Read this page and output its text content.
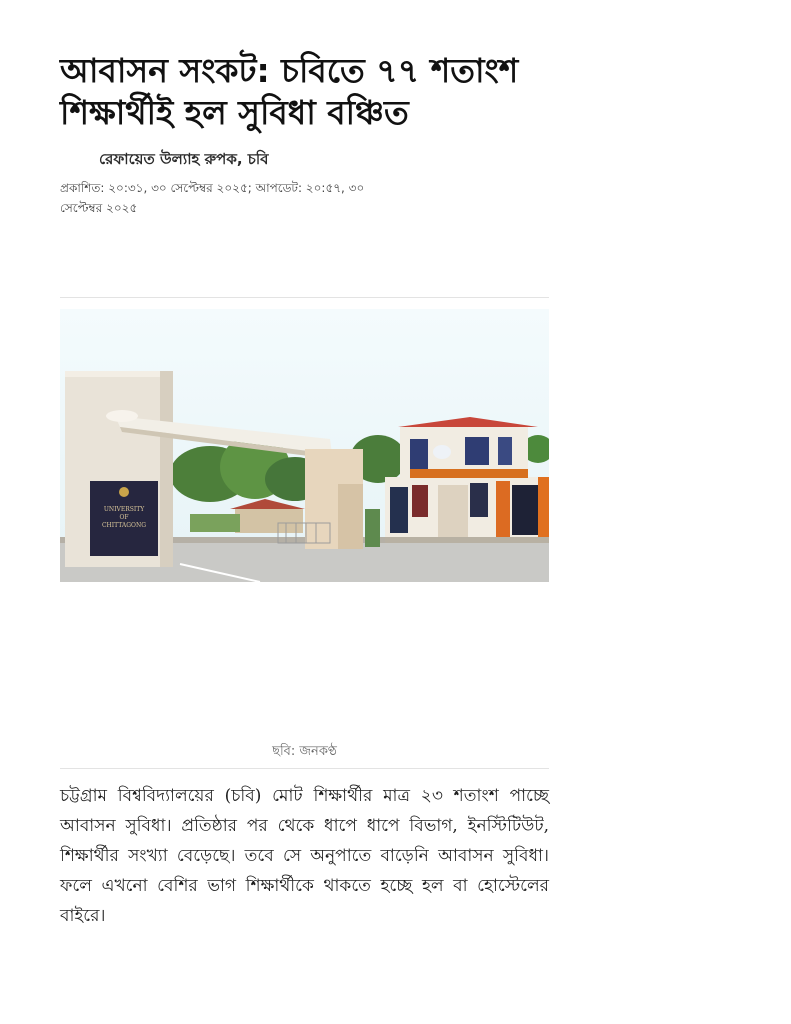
আবাসন সংকট: চবিতে ৭৭ শতাংশ শিক্ষার্থীই হল সুবিধা বঞ্চিত
রেফায়েত উল্যাহ রুপক, চবি
প্রকাশিত: ২০:৩১, ৩০ সেপ্টেম্বর ২০২৫; আপডেট: ২০:৫৭, ৩০ সেপ্টেম্বর ২০২৫
UNIVERSITY
OF
CHITTAGONG
ছবি: জনকণ্ঠ

চট্টগ্রাম বিশ্ববিদ্যালয়ের (চবি) মোট শিক্ষার্থীর মাত্র ২৩ শতাংশ পাচ্ছে আবাসন সুবিধা। প্রতিষ্ঠার পর থেকে ধাপে ধাপে বিভাগ, ইনস্টিটিউট, শিক্ষার্থীর সংখ্যা বেড়েছে। তবে সে অনুপাতে বাড়েনি আবাসন সুবিধা। ফলে এখনো বেশির ভাগ শিক্ষার্থীকে থাকতে হচ্ছে হল বা হোস্টেলের বাইরে।
